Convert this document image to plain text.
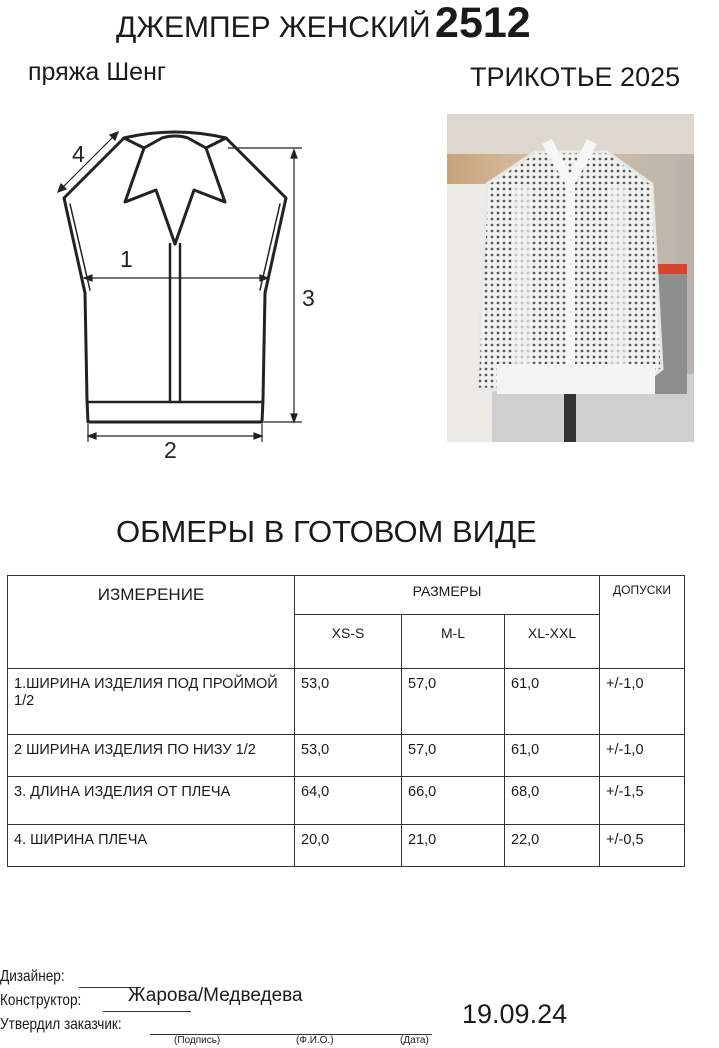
ДЖЕМПЕР ЖЕНСКИЙ 2512
пряжа Шенг	ТРИКОТЬЕ 2025
1
2
3
4
ОБМЕРЫ В ГОТОВОМ ВИДЕ
ИЗМЕРЕНИЕ	РАЗМЕРЫ			ДОПУСКИ
	XS-S	M-L	XL-XXL	
1.ШИРИНА ИЗДЕЛИЯ ПОД ПРОЙМОЙ 1/2	53,0	57,0	61,0	+/-1,0
2 ШИРИНА ИЗДЕЛИЯ ПО НИЗУ 1/2	53,0	57,0	61,0	+/-1,0
3. ДЛИНА ИЗДЕЛИЯ ОТ ПЛЕЧА	64,0	66,0	68,0	+/-1,5
4. ШИРИНА ПЛЕЧА	20,0	21,0	22,0	+/-0,5
Дизайнер:
Конструктор: Жарова/Медведева
Утвердил заказчик:
(Подпись)	(Ф.И.О.)	(Дата)
19.09.24
